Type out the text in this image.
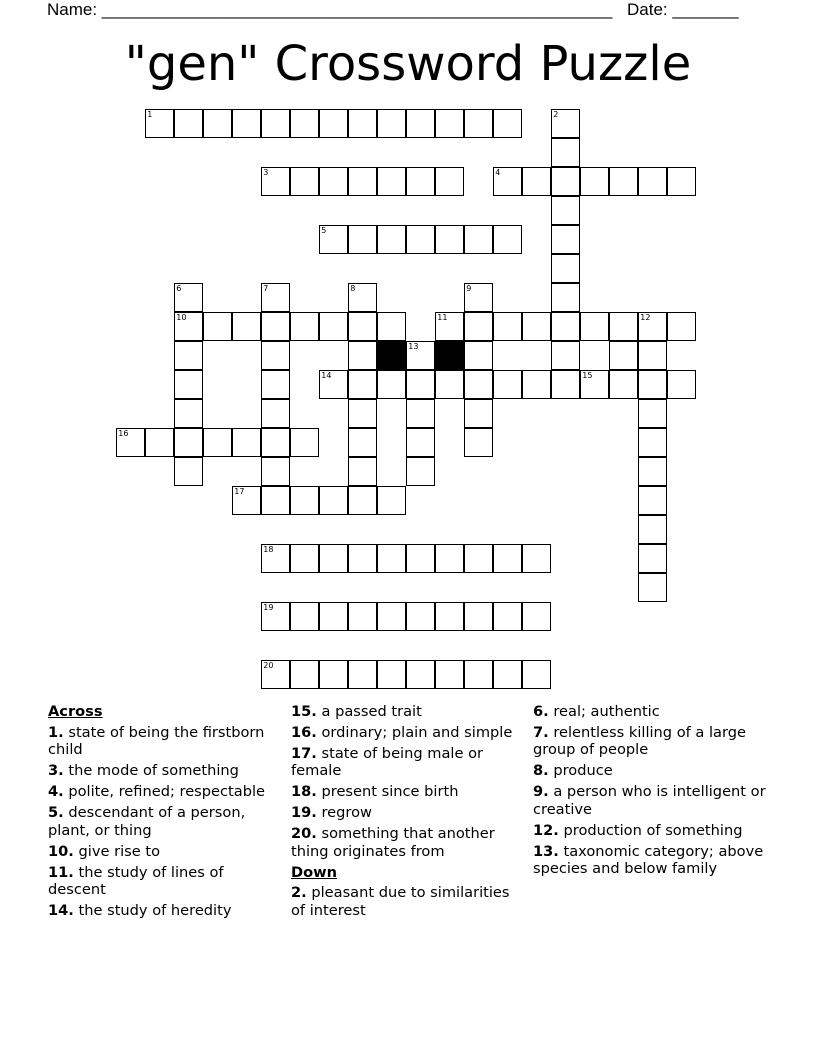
Name: ______________________________________________________ Date: _______
"gen" Crossword Puzzle
1	2
3	4
5
6
10
7	8	9
11	12
13
14	15
16
17
18
19
20
Across
1. state of being the firstborn child
3. the mode of something
4. polite, refined; respectable
5. descendant of a person, plant, or thing
10. give rise to
11. the study of lines of descent
14. the study of heredity
15. a passed trait
16. ordinary; plain and simple
17. state of being male or female
18. present since birth
19. regrow
20. something that another thing originates from
Down
2. pleasant due to similarities of interest
6. real; authentic
7. relentless killing of a large group of people
8. produce
9. a person who is intelligent or creative
12. production of something
13. taxonomic category; above species and below family
